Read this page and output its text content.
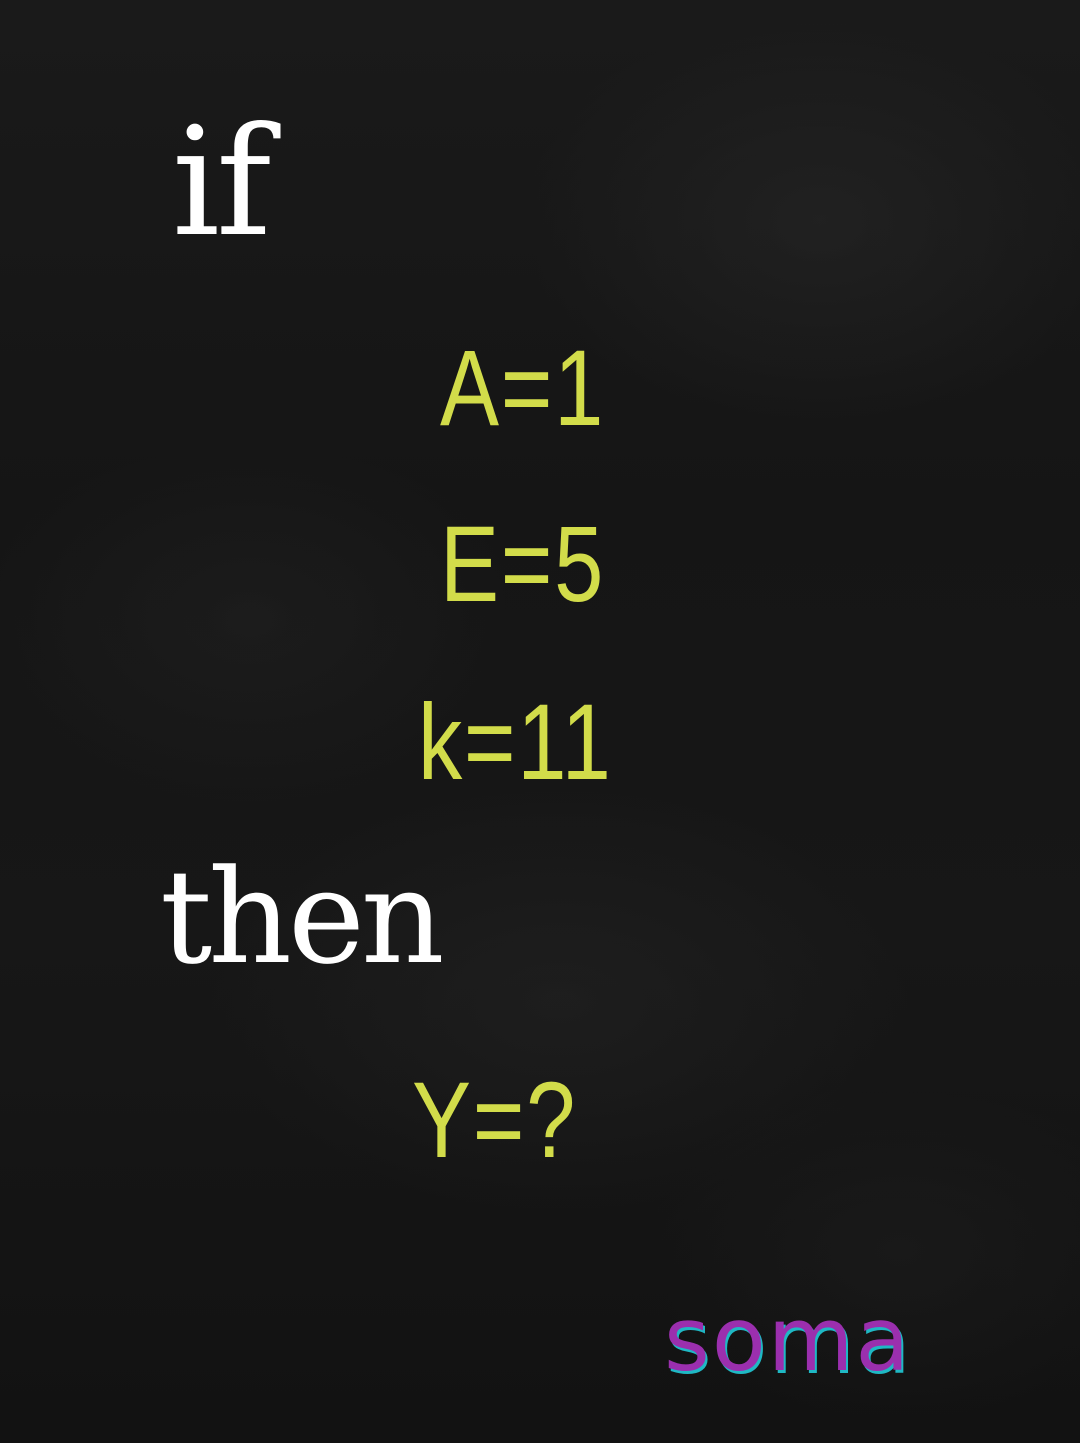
if
A=1
E=5
k=11
then
Y=?
soma
